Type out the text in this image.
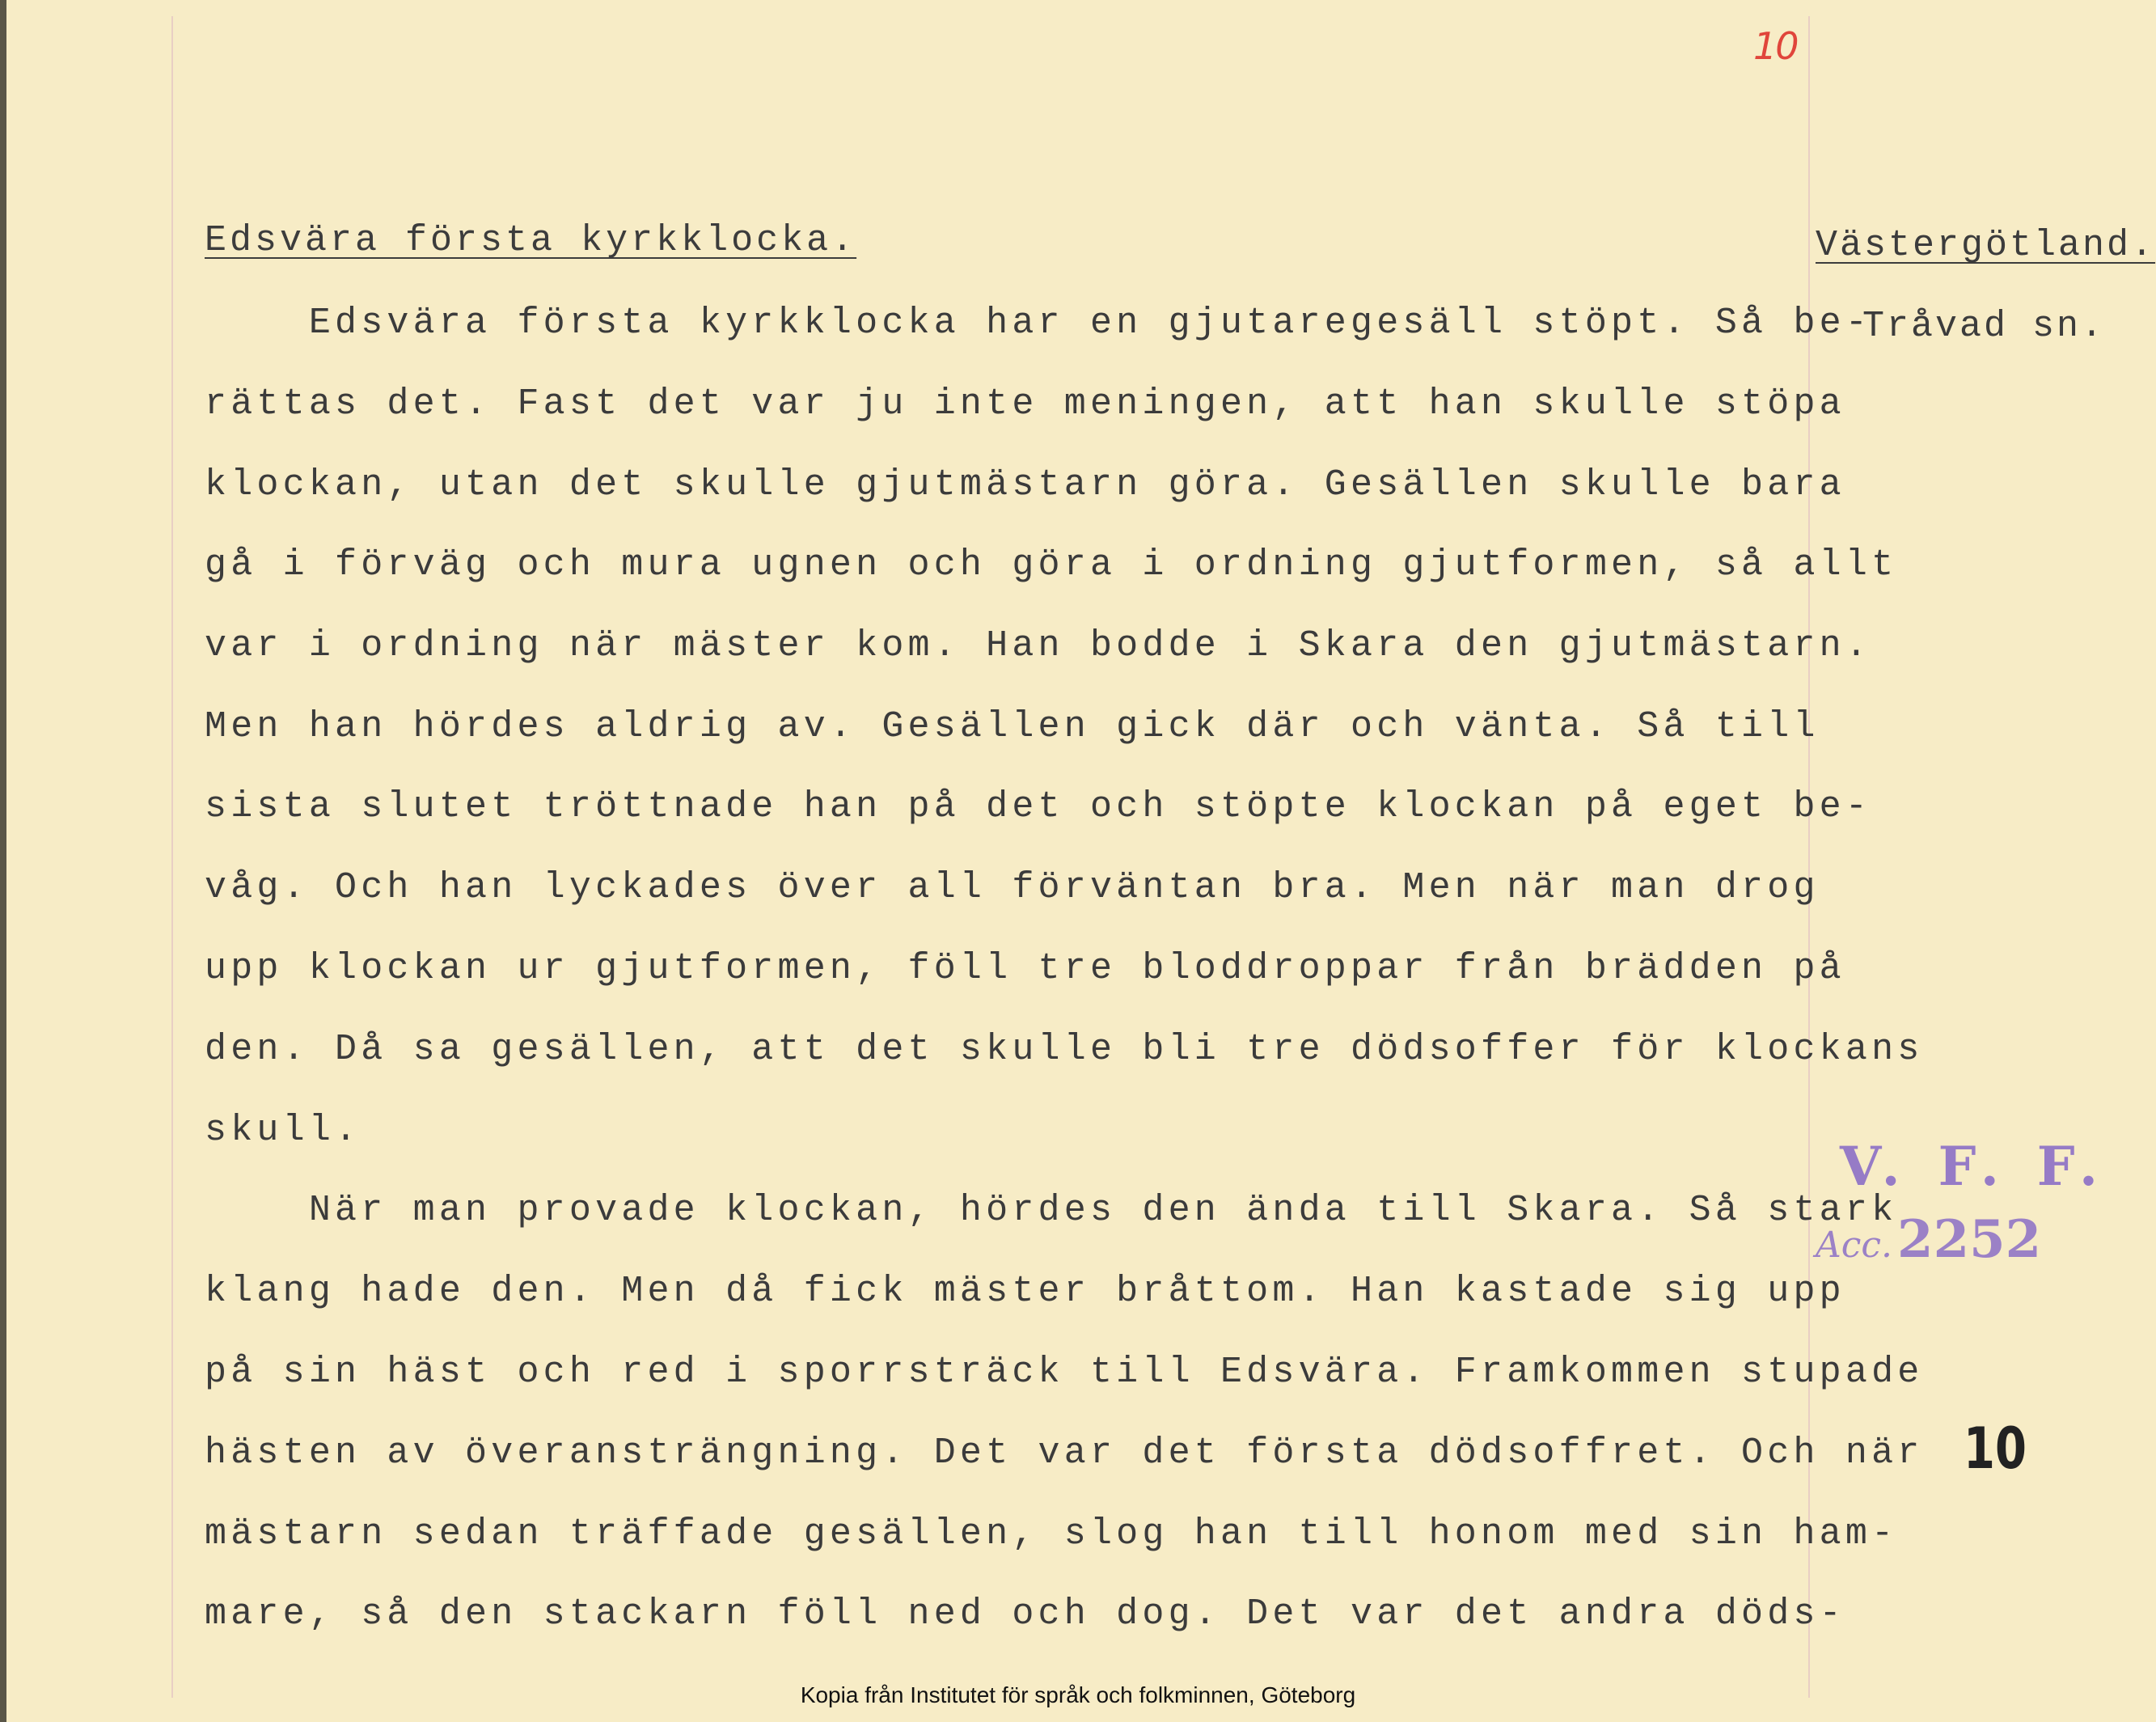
10
Edsvära första kyrkklocka.	Västergötland.
Tråvad sn.
Edsvära första kyrkklocka har en gjutaregesäll stöpt. Så be-
rättas det. Fast det var ju inte meningen, att han skulle stöpa
klockan, utan det skulle gjutmästarn göra. Gesällen skulle bara
gå i förväg och mura ugnen och göra i ordning gjutformen, så allt
var i ordning när mäster kom. Han bodde i Skara den gjutmästarn.
Men han hördes aldrig av. Gesällen gick där och vänta. Så till
sista slutet tröttnade han på det och stöpte klockan på eget be-
våg. Och han lyckades över all förväntan bra. Men när man drog
upp klockan ur gjutformen, föll tre bloddroppar från brädden på
den. Då sa gesällen, att det skulle bli tre dödsoffer för klockans
skull.
När man provade klockan, hördes den ända till Skara. Så stark
klang hade den. Men då fick mäster bråttom. Han kastade sig upp
på sin häst och red i sporrsträck till Edsvära. Framkommen stupade
hästen av överansträngning. Det var det första dödsoffret. Och när
mästarn sedan träffade gesällen, slog han till honom med sin ham-
mare, så den stackarn föll ned och dog. Det var det andra döds-
V. F. F.
Acc.2252
10
Kopia från Institutet för språk och folkminnen, Göteborg
